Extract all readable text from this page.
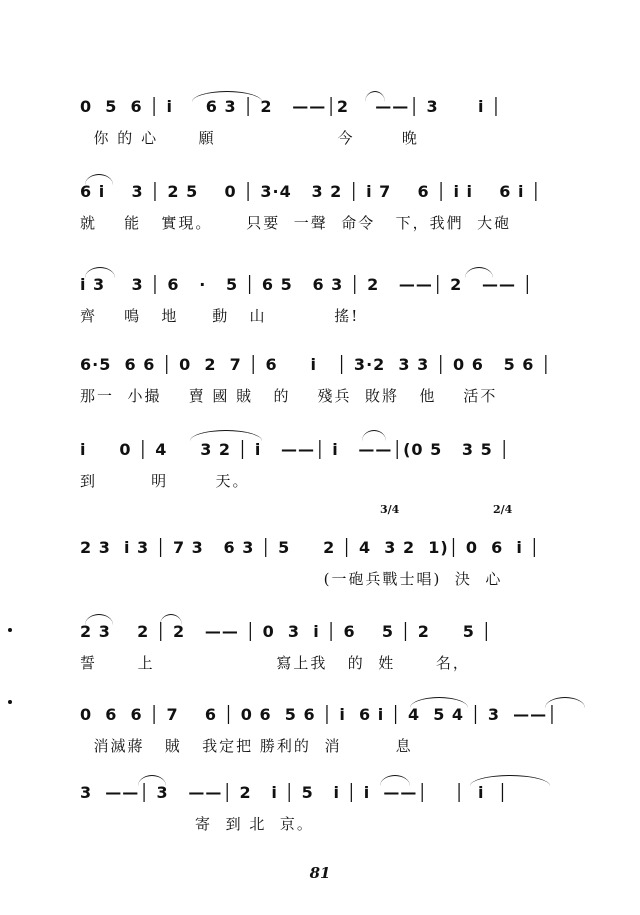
0  5  6 │ i     6 3 │ 2   ——│2    ——│ 3      i │
你 的 心      願                  今       晚
6 i    3 │ 2 5    0 │ 3·4   3 2 │ i 7    6 │ i i    6 i │
就    能   實現。     只要  一聲  命令   下，我們  大砲
i 3    3 │ 6   ·   5 │ 6 5   6 3 │ 2   ——│ 2   —— │
齊    鳴   地     動   山          搖!
6·5  6 6 │ 0  2  7 │ 6     i   │ 3·2  3 3 │ 0 6   5 6 │
那一  小撮    賣 國 賊   的    殘兵  敗將   他    活不
i     0 │ 4     3 2 │ i   ——│ i   ——│(0 5   3 5 │
到        明       天。
3/4	2/4
2 3  i 3 │ 7 3   6 3 │ 5     2 │ 4  3 2  1)│ 0  6  i │
(一砲兵戰士唱)  決  心
2 3    2 │ 2   —— │ 0  3  i │ 6    5 │ 2     5 │
誓      上                  寫上我   的  姓      名，
0  6  6 │ 7    6 │ 0 6  5 6 │ i  6 i │ 4  5 4 │ 3  ——│
消滅蔣   賊   我定把 勝利的  消        息
3  ——│ 3   ——│ 2   i │ 5   i │ i  ——│    │  i  │
寄  到 北  京。
81
